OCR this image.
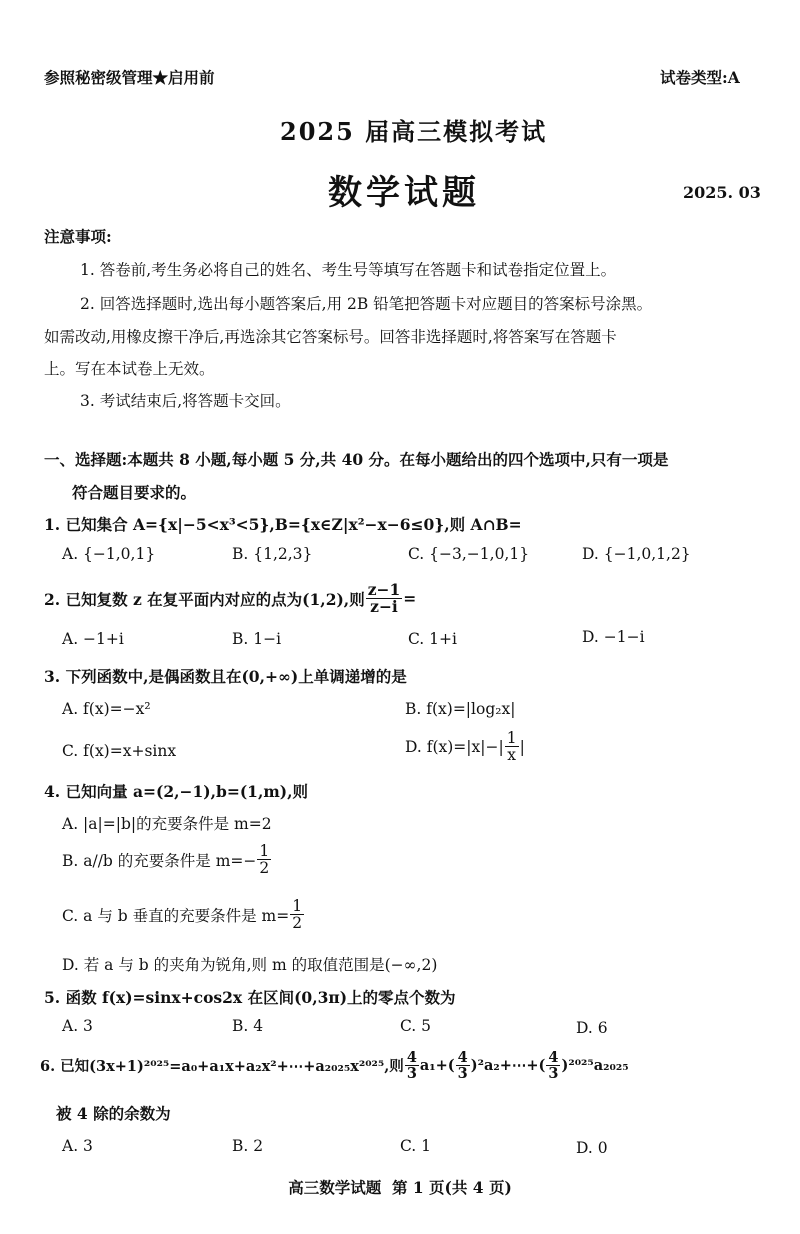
参照秘密级管理★启用前	试卷类型:A
2025 届高三模拟考试
数学试题	2025. 03
注意事项:
1. 答卷前,考生务必将自己的姓名、考生号等填写在答题卡和试卷指定位置上。
2. 回答选择题时,选出每小题答案后,用 2B 铅笔把答题卡对应题目的答案标号涂黑。
如需改动,用橡皮擦干净后,再选涂其它答案标号。回答非选择题时,将答案写在答题卡
上。写在本试卷上无效。
3. 考试结束后,将答题卡交回。
一、选择题:本题共 8 小题,每小题 5 分,共 40 分。在每小题给出的四个选项中,只有一项是
符合题目要求的。
1. 已知集合 A={x|−5<x³<5},B={x∈Z|x²−x−6≤0},则 A∩B=
A. {−1,0,1}	B. {1,2,3}	C. {−3,−1,0,1}	D. {−1,0,1,2}
2. 已知复数 z 在复平面内对应的点为(1,2),则 $\frac{z-1}{z-i}$ =
A. −1+i	B. 1−i	C. 1+i	D. −1−i
3. 下列函数中,是偶函数且在(0,+∞)上单调递增的是
A. f(x)=−x²	B. f(x)=|log₂x|
C. f(x)=x+sinx	D. $f(x)=|x|-| \frac{1}{x}$ |
4. 已知向量 a=(2,−1),b=(1,m),则
A. |a|=|b|的充要条件是 m=2
B. a//b 的充要条件是 $m=- \frac{1}{2}$
C. a 与 b 垂直的充要条件是 $m= \frac{1}{2}$
D. 若 a 与 b 的夹角为锐角,则 m 的取值范围是(−∞,2)
5. 函数 f(x)=sinx+cos2x 在区间(0,3π)上的零点个数为
A. 3	B. 4	C. 5	D. 6
6. 已知(3x+1)²⁰²⁵=a₀+a₁x+a₂x²+⋯+a₂₀₂₅x²⁰²⁵,则 $\frac{4}{3} a_1+( \frac{4}{3}$ )²a₂+⋯+( $\frac{4}{3} )^{2025}a_{2025}$
被 4 除的余数为
A. 3	B. 2	C. 1	D. 0
高三数学试题  第 1 页(共 4 页)
